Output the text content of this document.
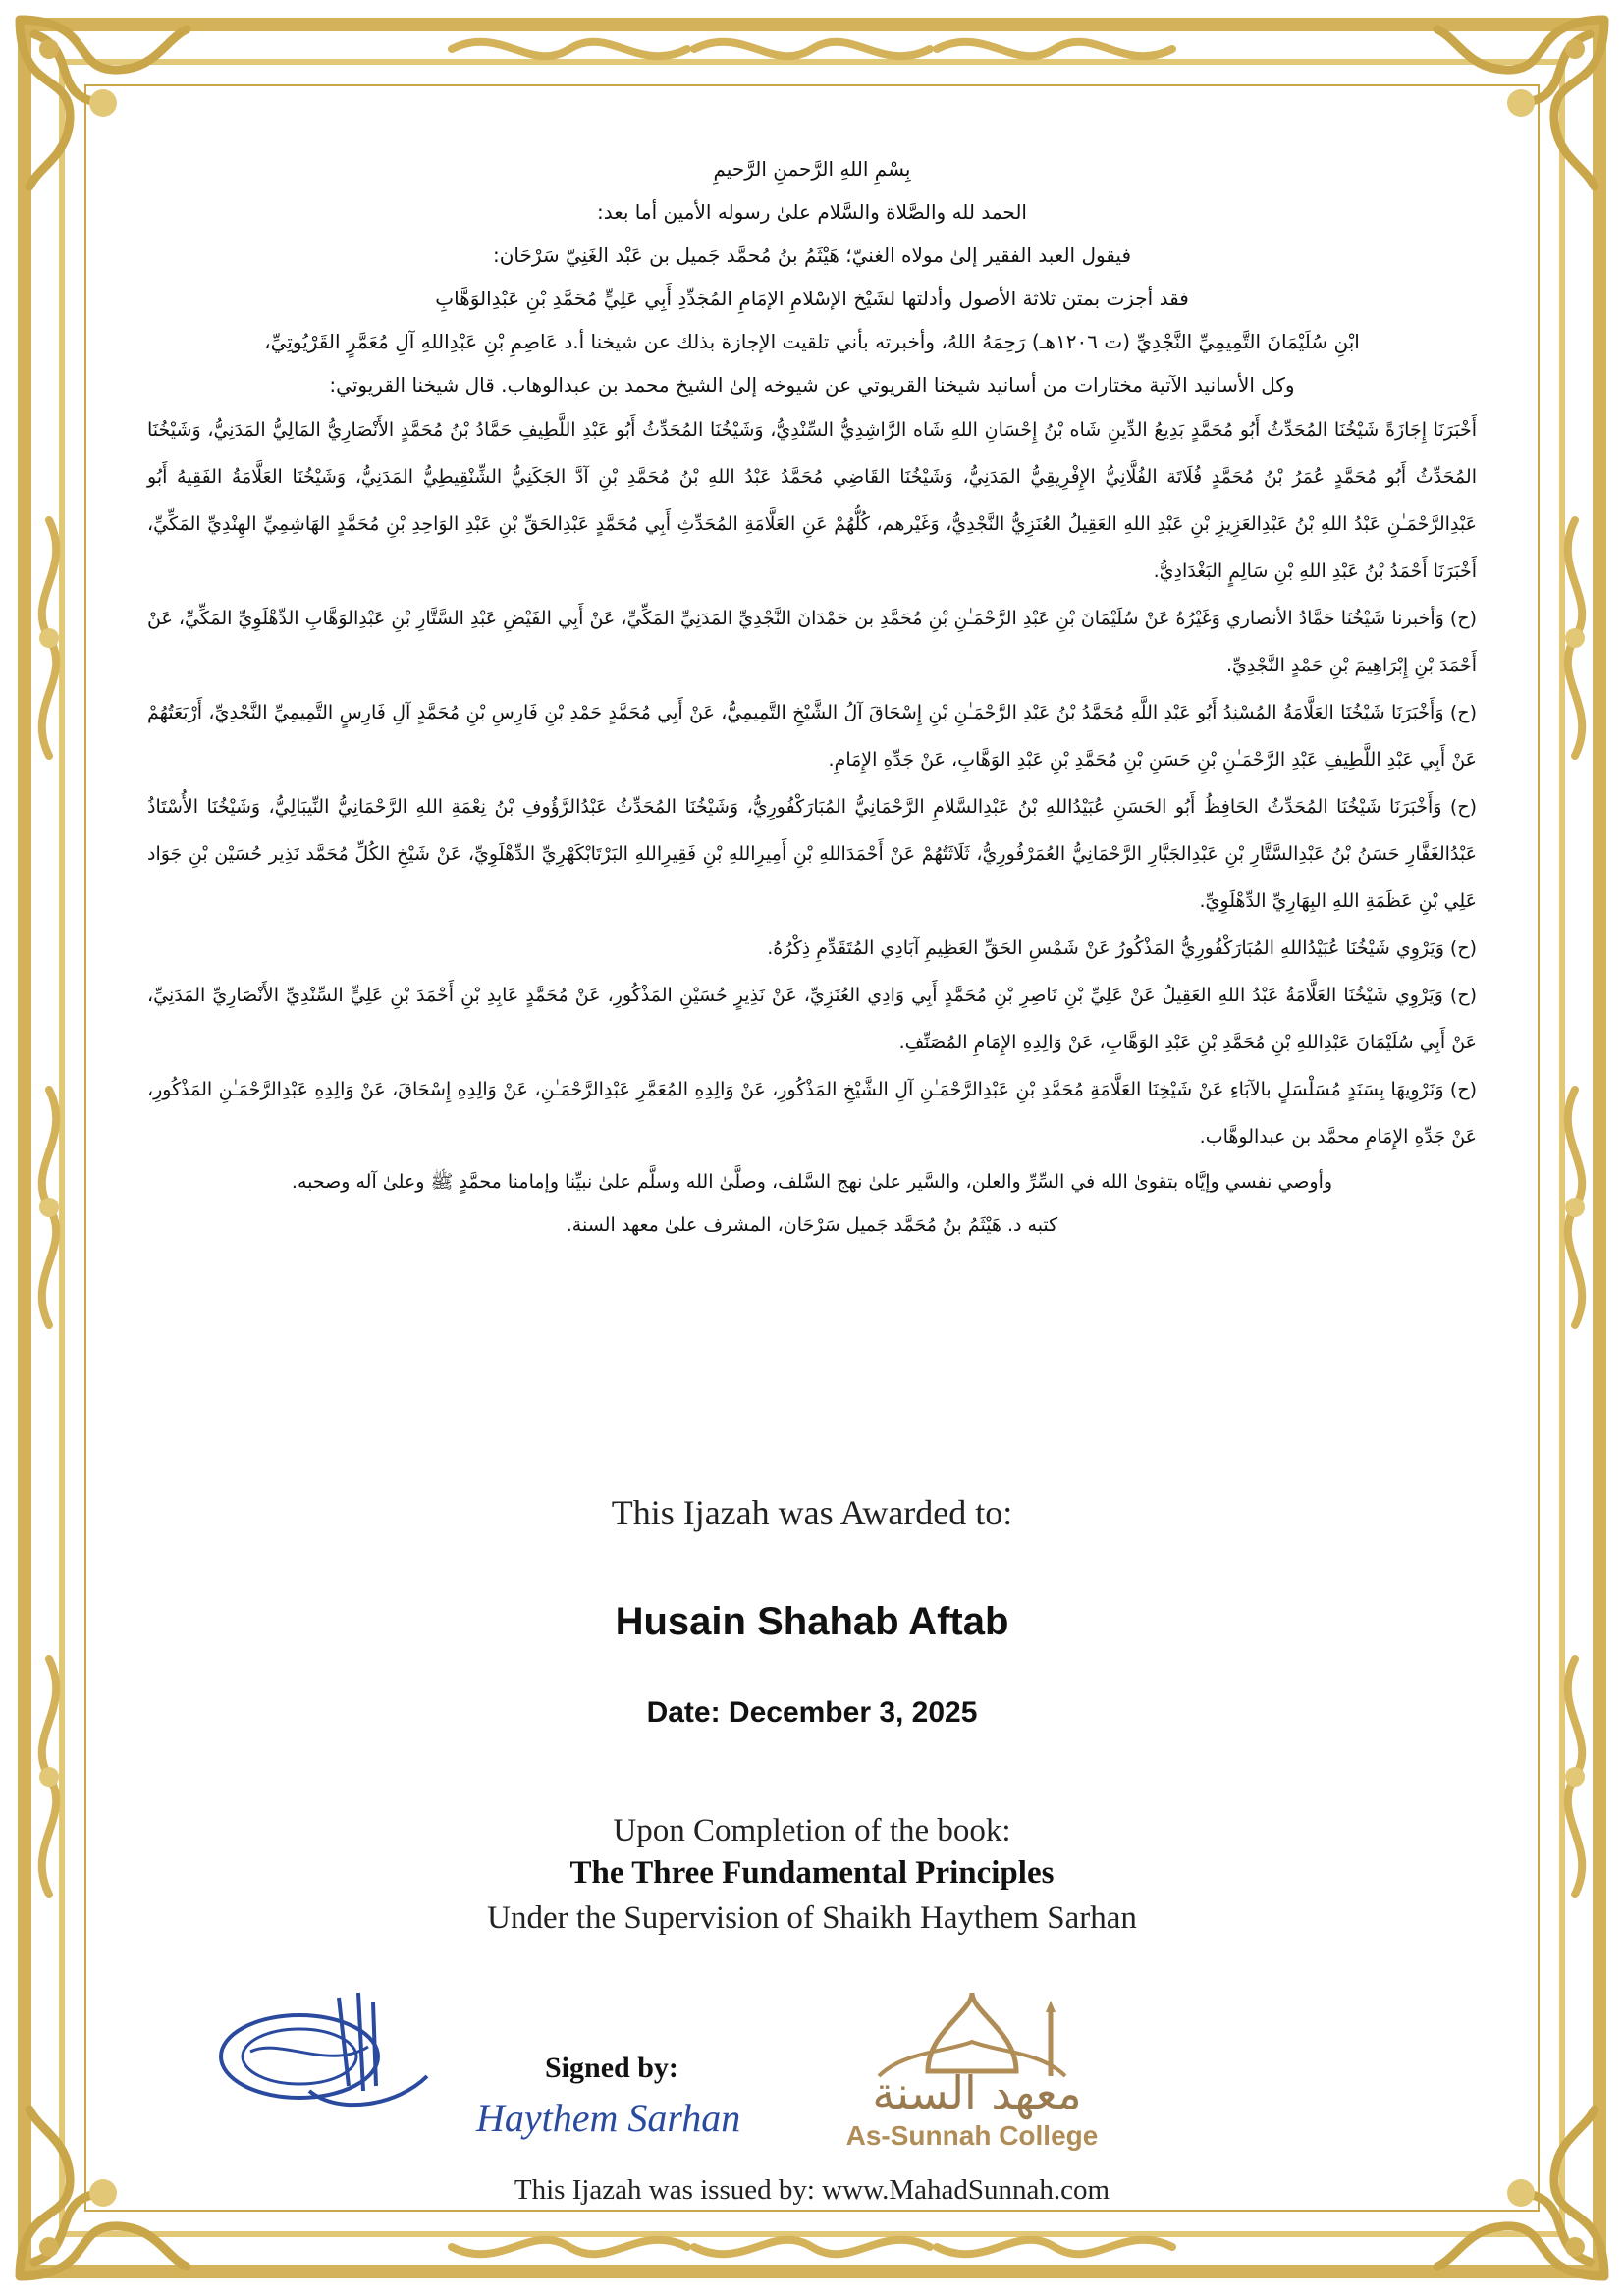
بِسْمِ اللهِ الرَّحمنِ الرَّحيمِ

الحمد لله والصَّلاة والسَّلام علىٰ رسوله الأمين أما بعد:

فيقول العبد الفقير إلىٰ مولاه الغنيّ؛ هَيْثَمُ بنُ مُحمَّد جَميل بن عَبْد الغَنِيّ سَرْحَان:

فقد أجزت بمتن ثلاثة الأصول وأدلتها لشَيْخ الإسْلامِ الإمَامِ المُجَدِّدِ أَبِي عَلِيٍّ مُحَمَّدِ بْنِ عَبْدِالوَهَّابِ

ابْنِ سُلَيْمَانَ التَّمِيمِيِّ النَّجْدِيِّ (ت ١٢٠٦هـ) رَحِمَهُ اللهُ، وأخبرته بأني تلقيت الإجازة بذلك عن شيخنا أ.د عَاصِمِ بْنِ عَبْدِاللهِ آلِ مُعَمَّرٍ القَرْيُوتِيِّ،

وكل الأسانيد الآتية مختارات من أسانيد شيخنا القريوتي عن شيوخه إلىٰ الشيخ محمد بن عبدالوهاب. قال شيخنا القريوتي:

أَخْبَرَنَا إِجَازَةً شَيْخُنَا المُحَدِّثُ أَبُو مُحَمَّدٍ بَدِيعُ الدِّينِ شَاه بْنُ إِحْسَانِ اللهِ شَاه الرَّاشِدِيُّ السِّنْدِيُّ، وَشَيْخُنَا المُحَدِّثُ أَبُو عَبْدِ اللَّطِيفِ حَمَّادُ بْنُ مُحَمَّدٍ الأَنْصَارِيُّ المَالِيُّ المَدَنِيُّ، وَشَيْخُنَا المُحَدِّثُ أَبُو مُحَمَّدٍ عُمَرُ بْنُ مُحَمَّدٍ فُلَاتَة الفُلَّانِيُّ الإِفْرِيقِيُّ المَدَنِيُّ، وَشَيْخُنَا القَاضِي مُحَمَّدُ عَبْدُ اللهِ بْنُ مُحَمَّدِ بْنِ آدَّ الجَكَنِيُّ الشِّنْقِيطِيُّ المَدَنِيُّ، وَشَيْخُنَا العَلَّامَةُ الفَقِيهُ أَبُو عَبْدِالرَّحْمَـٰنِ عَبْدُ اللهِ بْنُ عَبْدِالعَزِيزِ بْنِ عَبْدِ اللهِ العَقِيلُ العُنَزِيُّ النَّجْدِيُّ، وَغَيْرهم، كُلُّهُمْ عَنِ العَلَّامَةِ المُحَدِّثِ أَبِي مُحَمَّدٍ عَبْدِالحَقِّ بْنِ عَبْدِ الوَاحِدِ بْنِ مُحَمَّدٍ الهَاشِمِيِّ الهِنْدِيِّ المَكِّيِّ، أَخْبَرَنَا أَحْمَدُ بْنُ عَبْدِ اللهِ بْنِ سَالِمٍ البَغْدَادِيُّ.

(ح) وَأخبرنا شَيْخُنَا حَمَّادُ الأنصاري وَغَيْرُهُ عَنْ سُلَيْمَانَ بْنِ عَبْدِ الرَّحْمَـٰنِ بْنِ مُحَمَّدِ بن حَمْدَانَ النَّجْدِيِّ المَدَنِيِّ المَكِّيِّ، عَنْ أَبِي الفَيْضِ عَبْدِ السَّتَّارِ بْنِ عَبْدِالوَهَّابِ الدِّهْلَوِيِّ المَكِّيِّ، عَنْ أَحْمَدَ بْنِ إِبْرَاهِيمَ بْنِ حَمْدٍ النَّجْدِيِّ.

(ح) وَأَخْبَرَنَا شَيْخُنَا العَلَّامَةُ المُسْنِدُ أَبُو عَبْدِ اللَّهِ مُحَمَّدُ بْنُ عَبْدِ الرَّحْمَـٰنِ بْنِ إِسْحَاقَ آلُ الشَّيْخِ التَّمِيمِيُّ، عَنْ أَبِي مُحَمَّدٍ حَمْدِ بْنِ فَارِسِ بْنِ مُحَمَّدٍ آلِ فَارِسٍ التَّمِيمِيِّ النَّجْدِيِّ، أَرْبَعَتُهُمْ عَنْ أَبِي عَبْدِ اللَّطِيفِ عَبْدِ الرَّحْمَـٰنِ بْنِ حَسَنِ بْنِ مُحَمَّدِ بْنِ عَبْدِ الوَهَّابِ، عَنْ جَدِّهِ الإِمَامِ.

(ح) وَأَخْبَرَنَا شَيْخُنَا المُحَدِّثُ الحَافِظُ أَبُو الحَسَنِ عُبَيْدُاللهِ بْنُ عَبْدِالسَّلامِ الرَّحْمَانِيُّ المُبَارَكْفُورِيُّ، وَشَيْخُنَا المُحَدِّثُ عَبْدُالرَّؤُوفِ بْنُ نِعْمَةِ اللهِ الرَّحْمَانِيُّ النِّيبَالِيُّ، وَشَيْخُنَا الأُسْتَاذُ عَبْدُالغَفَّارِ حَسَنُ بْنُ عَبْدِالسَّتَّارِ بْنِ عَبْدِالجَبَّارِ الرَّحْمَانِيُّ العُمَرْفُورِيُّ، ثَلَاثَتُهُمْ عَنْ أَحْمَدَاللهِ بْنِ أَمِيرِاللهِ بْنِ فَقِيرِاللهِ البَرْتَابْكَهْرِيِّ الدِّهْلَوِيِّ، عَنْ شَيْخِ الكُلِّ مُحَمَّد نَذِير حُسَيْن بْنِ جَوَاد عَلِي بْنِ عَظَمَةِ اللهِ البِهَارِيِّ الدِّهْلَوِيِّ.

(ح) وَيَرْوِي شَيْخُنَا عُبَيْدُاللهِ المُبَارَكْفُورِيُّ المَذْكُورُ عَنْ شَمْسِ الحَقِّ العَظِيمِ آبَادِي المُتَقَدِّمِ ذِكْرُهُ.

(ح) وَيَرْوِي شَيْخُنَا العَلَّامَةُ عَبْدُ اللهِ العَقِيلُ عَنْ عَلِيِّ بْنِ نَاصِرِ بْنِ مُحَمَّدٍ أَبِي وَادِي العُنَزِيِّ، عَنْ نَذِيرٍ حُسَيْنِ المَذْكُورِ، عَنْ مُحَمَّدٍ عَابِدِ بْنِ أَحْمَدَ بْنِ عَلِيٍّ السِّنْدِيِّ الأَنْصَارِيِّ المَدَنِيِّ، عَنْ أَبِي سُلَيْمَانَ عَبْدِاللهِ بْنِ مُحَمَّدِ بْنِ عَبْدِ الوَهَّابِ، عَنْ وَالِدِهِ الإِمَامِ المُصَنِّفِ.

(ح) وَنَرْوِيهَا بِسَنَدٍ مُسَلْسَلٍ بالآبَاءِ عَنْ شَيْخِنَا العَلَّامَةِ مُحَمَّدِ بْنِ عَبْدِالرَّحْمَـٰنِ آلِ الشَّيْخِ المَذْكُورِ، عَنْ وَالِدِهِ المُعَمَّرِ عَبْدِالرَّحْمَـٰنِ، عَنْ وَالِدِهِ إِسْحَاقَ، عَنْ وَالِدِهِ عَبْدِالرَّحْمَـٰنِ المَذْكُورِ، عَنْ جَدِّهِ الإِمَامِ محمَّد بن عبدالوهَّاب.

وأوصي نفسي وإيَّاه بتقوىٰ الله في السِّرِّ والعلن، والسَّير علىٰ نهج السَّلف، وصلَّىٰ الله وسلَّم علىٰ نبيِّنا وإمامنا محمَّدٍ ﷺ وعلىٰ آله وصحبه.

كتبه د. هَيْثَمُ بنُ مُحَمَّد جَميل سَرْحَان، المشرف علىٰ معهد السنة.

This Ijazah was Awarded to:
Husain Shahab Aftab
Date: December 3, 2025
Upon Completion of the book:
The Three Fundamental Principles
Under the Supervision of Shaikh Haythem Sarhan
Signed by:
Haythem Sarhan	معهد السنة
As-Sunnah College
This Ijazah was issued by: www.MahadSunnah.com
